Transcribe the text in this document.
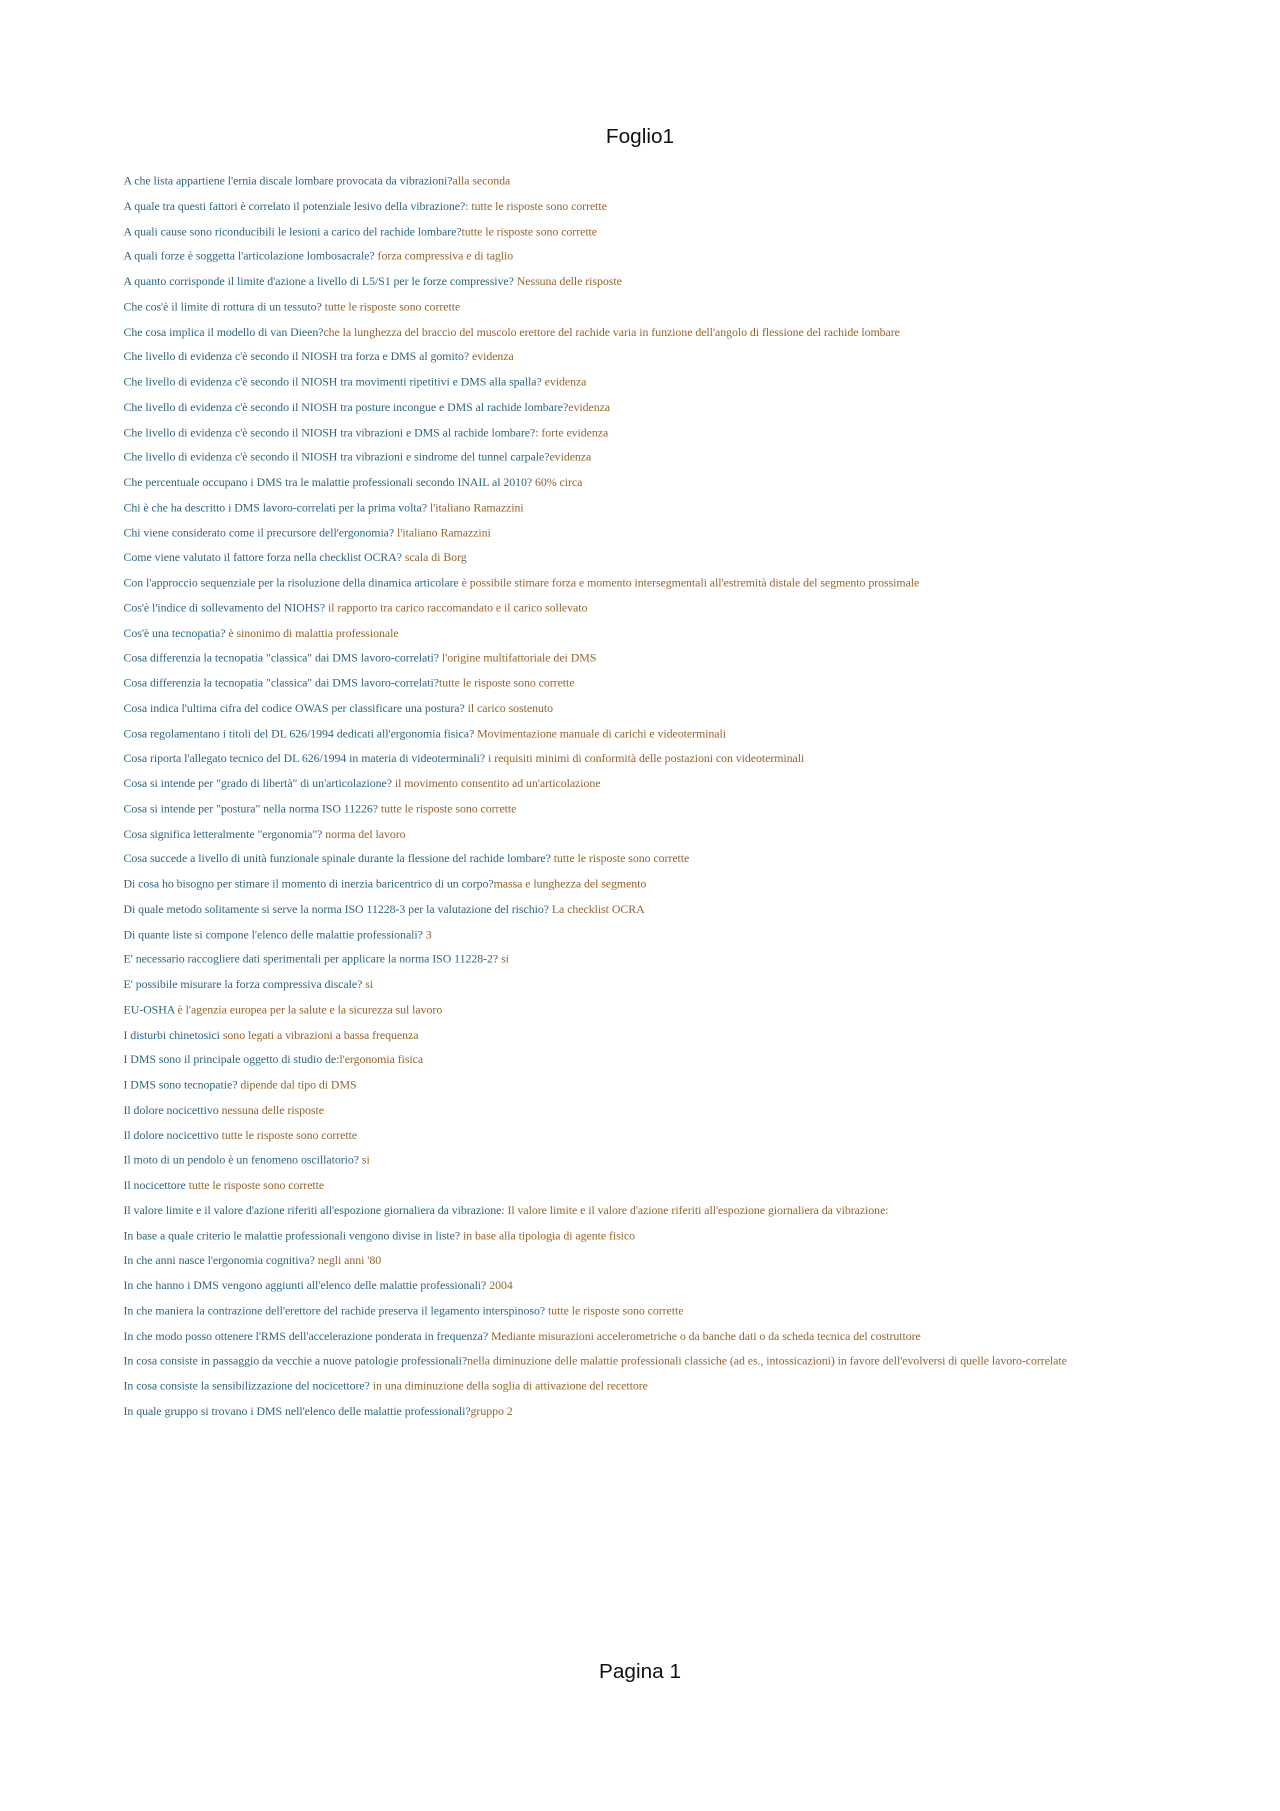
Foglio1
A che lista appartiene l'ernia discale lombare provocata da vibrazioni?alla seconda
A quale tra questi fattori è correlato il potenziale lesivo della vibrazione?: tutte le risposte sono corrette
A quali cause sono riconducibili le lesioni a carico del rachide lombare?tutte le risposte sono corrette
A quali forze è soggetta l'articolazione lombosacrale? forza compressiva e di taglio
A quanto corrisponde il limite d'azione a livello di L5/S1 per le forze compressive? Nessuna delle risposte
Che cos'è il limite di rottura di un tessuto? tutte le risposte sono corrette
Che cosa implica il modello di van Dieen?che la lunghezza del braccio del muscolo erettore del rachide varia in funzione dell'angolo di flessione del rachide lombare
Che livello di evidenza c'è secondo il NIOSH tra forza e DMS al gomito? evidenza
Che livello di evidenza c'è secondo il NIOSH tra movimenti ripetitivi e DMS alla spalla? evidenza
Che livello di evidenza c'è secondo il NIOSH tra posture incongue e DMS al rachide lombare?evidenza
Che livello di evidenza c'è secondo il NIOSH tra vibrazioni e DMS al rachide lombare?: forte evidenza
Che livello di evidenza c'è secondo il NIOSH tra vibrazioni e sindrome del tunnel carpale?evidenza
Che percentuale occupano i DMS tra le malattie professionali secondo INAIL al 2010? 60% circa
Chi è che ha descritto i DMS lavoro-correlati per la prima volta? l'italiano Ramazzini
Chi viene considerato come il precursore dell'ergonomia? l'italiano Ramazzini
Come viene valutato il fattore forza nella checklist OCRA? scala di Borg
Con l'approccio sequenziale per la risoluzione della dinamica articolare è possibile stimare forza e momento intersegmentali all'estremità distale del segmento prossimale
Cos'è l'indice di sollevamento del NIOHS? il rapporto tra carico raccomandato e il carico sollevato
Cos'è una tecnopatia? è sinonimo di malattia professionale
Cosa differenzia la tecnopatia "classica" dai DMS lavoro-correlati? l'origine multifattoriale dei DMS
Cosa differenzia la tecnopatia "classica" dai DMS lavoro-correlati?tutte le risposte sono corrette
Cosa indica l'ultima cifra del codice OWAS per classificare una postura? il carico sostenuto
Cosa regolamentano i titoli del DL 626/1994 dedicati all'ergonomia fisica? Movimentazione manuale di carichi e videoterminali
Cosa riporta l'allegato tecnico del DL 626/1994 in materia di videoterminali? i requisiti minimi di conformità delle postazioni con videoterminali
Cosa si intende per "grado di libertà" di un'articolazione? il movimento consentito ad un'articolazione
Cosa si intende per "postura" nella norma ISO 11226? tutte le risposte sono corrette
Cosa significa letteralmente "ergonomia"? norma del lavoro
Cosa succede a livello di unità funzionale spinale durante la flessione del rachide lombare? tutte le risposte sono corrette
Di cosa ho bisogno per stimare il momento di inerzia baricentrico di un corpo?massa e lunghezza del segmento
Di quale metodo solitamente si serve la norma ISO 11228-3 per la valutazione del rischio? La checklist OCRA
Di quante liste si compone l'elenco delle malattie professionali? 3
E' necessario raccogliere dati sperimentali per applicare la norma ISO 11228-2? si
E' possibile misurare la forza compressiva discale? si
EU-OSHA è l'agenzia europea per la salute e la sicurezza sul lavoro
I disturbi chinetosici sono legati a vibrazioni a bassa frequenza
I DMS sono il principale oggetto di studio de:l'ergonomia fisica
I DMS sono tecnopatie? dipende dal tipo di DMS
Il dolore nocicettivo nessuna delle risposte
Il dolore nocicettivo tutte le risposte sono corrette
Il moto di un pendolo è un fenomeno oscillatorio? si
Il nocicettore tutte le risposte sono corrette
Il valore limite e il valore d'azione riferiti all'espozione giornaliera da vibrazione: Il valore limite e il valore d'azione riferiti all'espozione giornaliera da vibrazione:
In base a quale criterio le malattie professionali vengono divise in liste? in base alla tipologia di agente fisico
In che anni nasce l'ergonomia cognitiva? negli anni '80
In che hanno i DMS vengono aggiunti all'elenco delle malattie professionali? 2004
In che maniera la contrazione dell'erettore del rachide preserva il legamento interspinoso? tutte le risposte sono corrette
In che modo posso ottenere l'RMS dell'accelerazione ponderata in frequenza? Mediante misurazioni accelerometriche o da banche dati o da scheda tecnica del costruttore
In cosa consiste in passaggio da vecchie a nuove patologie professionali?nella diminuzione delle malattie professionali classiche (ad es., intossicazioni) in favore dell'evolversi di quelle lavoro-correlate
In cosa consiste la sensibilizzazione del nocicettore? in una diminuzione della soglia di attivazione del recettore
In quale gruppo si trovano i DMS nell'elenco delle malattie professionali?gruppo 2
Pagina 1
